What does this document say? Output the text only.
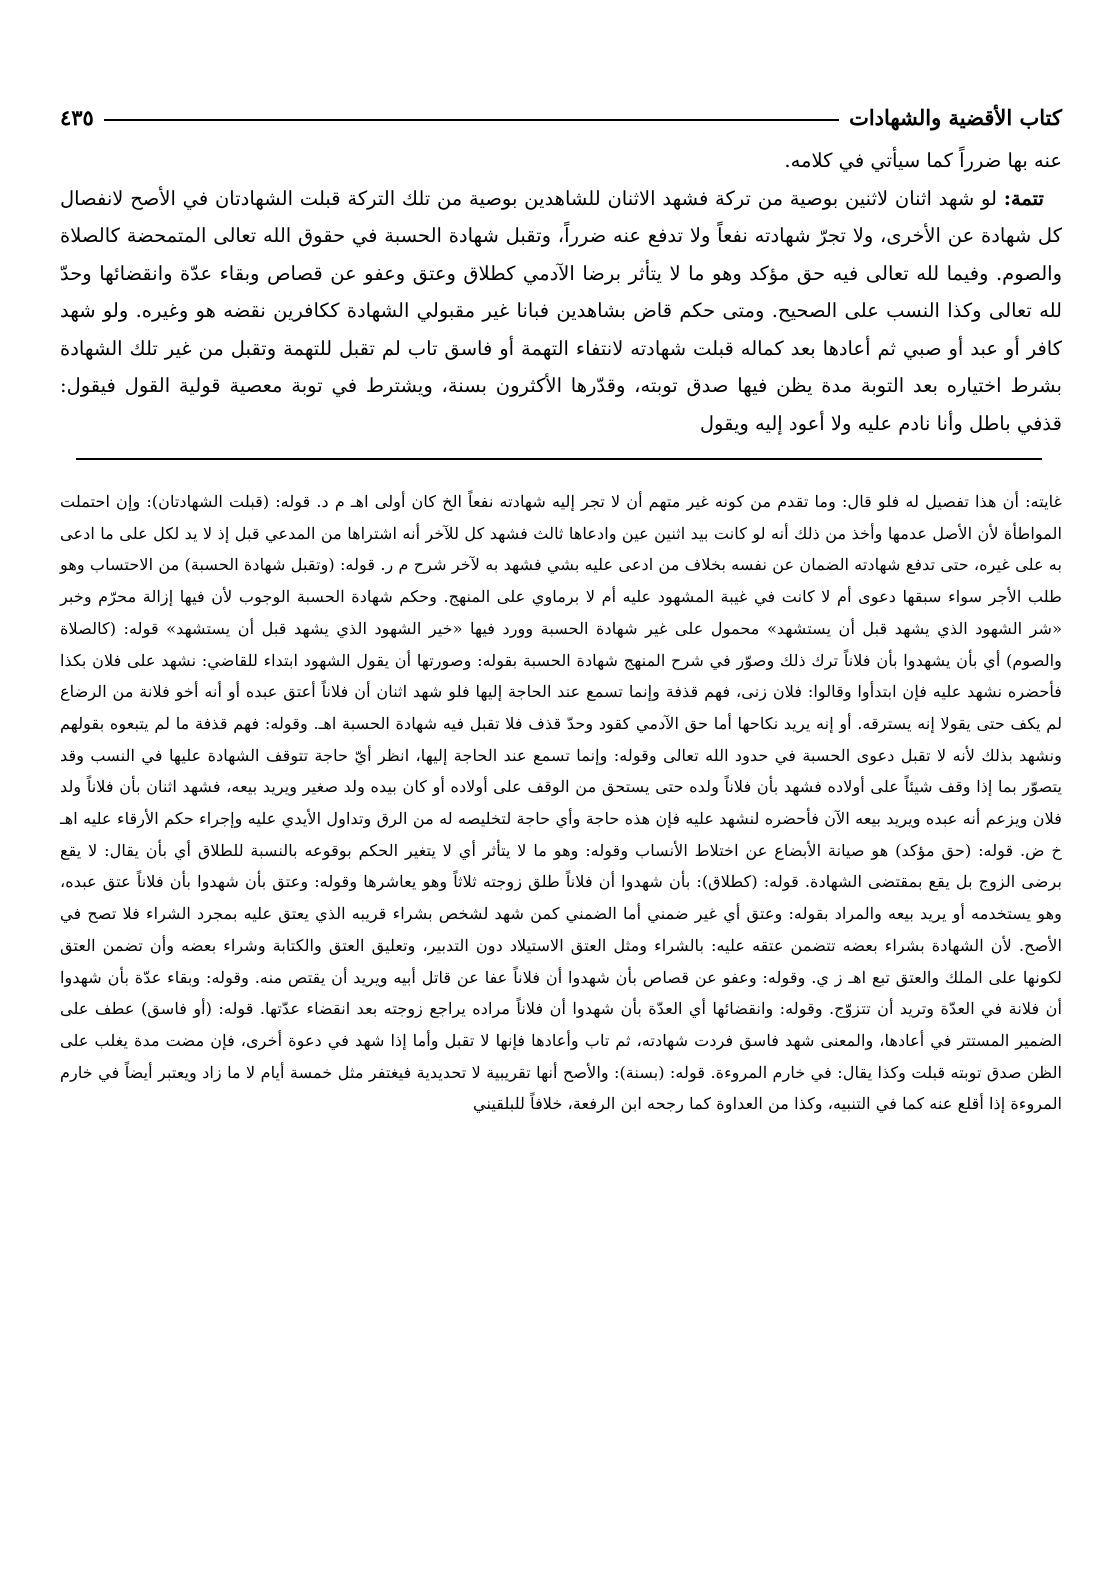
كتاب الأقضية والشهادات
٤٣٥

عنه بها ضرراً كما سيأتي في كلامه.

تتمة: لو شهد اثنان لاثنين بوصية من تركة فشهد الاثنان للشاهدين بوصية من تلك التركة قبلت الشهادتان في الأصح لانفصال كل شهادة عن الأخرى، ولا تجرّ شهادته نفعاً ولا تدفع عنه ضرراً، وتقبل شهادة الحسبة في حقوق الله تعالى المتمحضة كالصلاة والصوم. وفيما لله تعالى فيه حق مؤكد وهو ما لا يتأثر برضا الآدمي كطلاق وعتق وعفو عن قصاص وبقاء عدّة وانقضائها وحدّ لله تعالى وكذا النسب على الصحيح. ومتى حكم قاض بشاهدين فبانا غير مقبولي الشهادة ككافرين نقضه هو وغيره. ولو شهد كافر أو عبد أو صبي ثم أعادها بعد كماله قبلت شهادته لانتفاء التهمة أو فاسق تاب لم تقبل للتهمة وتقبل من غير تلك الشهادة بشرط اختياره بعد التوبة مدة يظن فيها صدق توبته، وقدّرها الأكثرون بسنة، ويشترط في توبة معصية قولية القول فيقول: قذفي باطل وأنا نادم عليه ولا أعود إليه ويقول

غايته: أن هذا تفصيل له فلو قال: وما تقدم من كونه غير متهم أن لا تجر إليه شهادته نفعاً الخ كان أولى اهـ م د. قوله: (قبلت الشهادتان): وإن احتملت المواطأة لأن الأصل عدمها وأخذ من ذلك أنه لو كانت بيد اثنين عين وادعاها ثالث فشهد كل للآخر أنه اشتراها من المدعي قبل إذ لا يد لكل على ما ادعى به على غيره، حتى تدفع شهادته الضمان عن نفسه بخلاف من ادعى عليه بشي فشهد به لآخر شرح م ر. قوله: (وتقبل شهادة الحسبة) من الاحتساب وهو طلب الأجر سواء سبقها دعوى أم لا كانت في غيبة المشهود عليه أم لا برماوي على المنهج. وحكم شهادة الحسبة الوجوب لأن فيها إزالة محرّم وخبر «شر الشهود الذي يشهد قبل أن يستشهد» محمول على غير شهادة الحسبة وورد فيها «خير الشهود الذي يشهد قبل أن يستشهد» قوله: (كالصلاة والصوم) أي بأن يشهدوا بأن فلاناً ترك ذلك وصوّر في شرح المنهج شهادة الحسبة بقوله: وصورتها أن يقول الشهود ابتداء للقاضي: نشهد على فلان بكذا فأحضره نشهد عليه فإن ابتدأوا وقالوا: فلان زنى، فهم قذفة وإنما تسمع عند الحاجة إليها فلو شهد اثنان أن فلاناً أعتق عبده أو أنه أخو فلانة من الرضاع لم يكف حتى يقولا إنه يسترقه. أو إنه يريد نكاحها أما حق الآدمي كقود وحدّ قذف فلا تقبل فيه شهادة الحسبة اهـ. وقوله: فهم قذفة ما لم يتبعوه بقولهم ونشهد بذلك لأنه لا تقبل دعوى الحسبة في حدود الله تعالى وقوله: وإنما تسمع عند الحاجة إليها، انظر أيّ حاجة تتوقف الشهادة عليها في النسب وقد يتصوّر بما إذا وقف شيئاً على أولاده فشهد بأن فلاناً ولده حتى يستحق من الوقف على أولاده أو كان بيده ولد صغير ويريد بيعه، فشهد اثنان بأن فلاناً ولد فلان ويزعم أنه عبده ويريد بيعه الآن فأحضره لنشهد عليه فإن هذه حاجة وأي حاجة لتخليصه له من الرق وتداول الأيدي عليه وإجراء حكم الأرقاء عليه اهـ خ ض. قوله: (حق مؤكد) هو صيانة الأبضاع عن اختلاط الأنساب وقوله: وهو ما لا يتأثر أي لا يتغير الحكم بوقوعه بالنسبة للطلاق أي بأن يقال: لا يقع برضى الزوج بل يقع بمقتضى الشهادة. قوله: (كطلاق): بأن شهدوا أن فلاناً طلق زوجته ثلاثاً وهو يعاشرها وقوله: وعتق بأن شهدوا بأن فلاناً عتق عبده، وهو يستخدمه أو يريد بيعه والمراد بقوله: وعتق أي غير ضمني أما الضمني كمن شهد لشخص بشراء قريبه الذي يعتق عليه بمجرد الشراء فلا تصح في الأصح. لأن الشهادة بشراء بعضه تتضمن عتقه عليه: بالشراء ومثل العتق الاستيلاد دون التدبير، وتعليق العتق والكتابة وشراء بعضه وأن تضمن العتق لكونها على الملك والعتق تبع اهـ ز ي. وقوله: وعفو عن قصاص بأن شهدوا أن فلاناً عفا عن قاتل أبيه ويريد أن يقتص منه. وقوله: وبقاء عدّة بأن شهدوا أن فلانة في العدّة وتريد أن تتزوّج. وقوله: وانقضائها أي العدّة بأن شهدوا أن فلاناً مراده يراجع زوجته بعد انقضاء عدّتها. قوله: (أو فاسق) عطف على الضمير المستتر في أعادها، والمعنى شهد فاسق فردت شهادته، ثم تاب وأعادها فإنها لا تقبل وأما إذا شهد في دعوة أخرى، فإن مضت مدة يغلب على الظن صدق توبته قبلت وكذا يقال: في خارم المروءة. قوله: (بسنة): والأصح أنها تقريبية لا تحديدية فيغتفر مثل خمسة أيام لا ما زاد ويعتبر أيضاً في خارم المروءة إذا أقلع عنه كما في التنبيه، وكذا من العداوة كما رجحه ابن الرفعة، خلافاً للبلقيني
